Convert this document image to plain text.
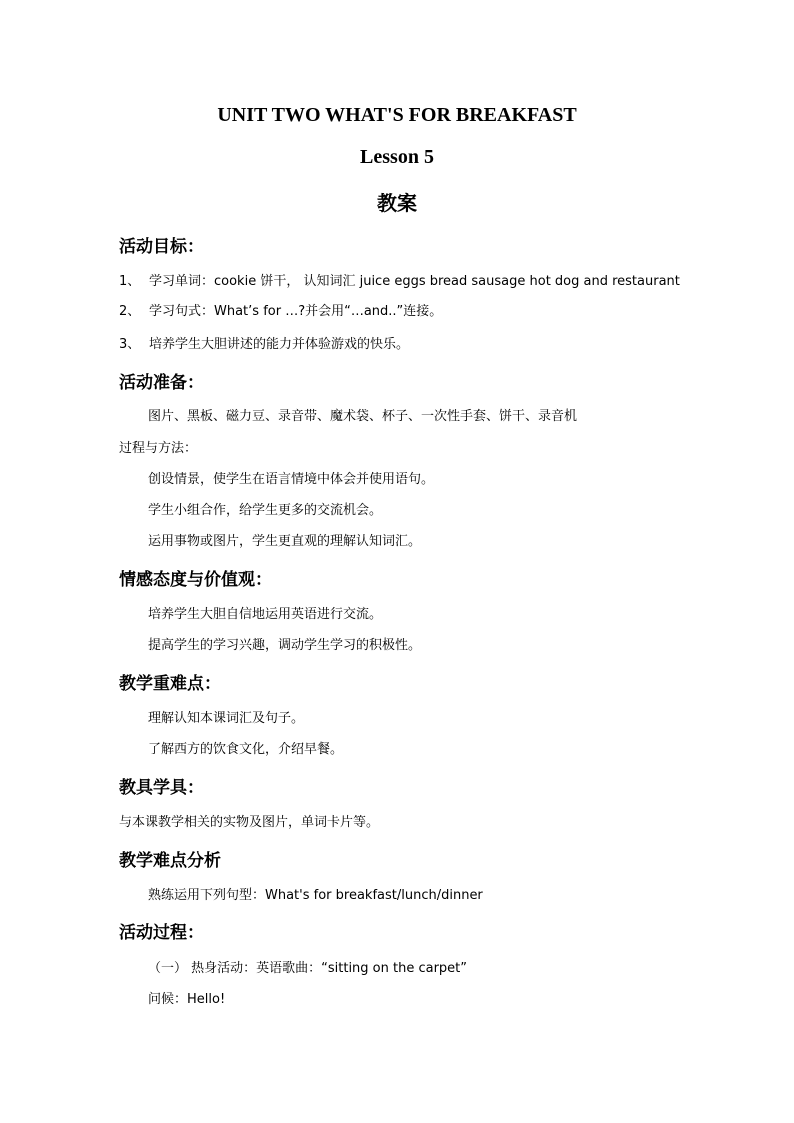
UNIT TWO WHAT'S FOR BREAKFAST
Lesson 5
教案
活动目标：
1、 学习单词：cookie 饼干， 认知词汇 juice eggs bread sausage hot dog and restaurant
2、 学习句式：What’s for …?并会用“…and..”连接。
3、 培养学生大胆讲述的能力并体验游戏的快乐。
活动准备：
图片、黑板、磁力豆、录音带、魔术袋、杯子、一次性手套、饼干、录音机
过程与方法：
创设情景，使学生在语言情境中体会并使用语句。
学生小组合作，给学生更多的交流机会。
运用事物或图片，学生更直观的理解认知词汇。
情感态度与价值观：
培养学生大胆自信地运用英语进行交流。
提高学生的学习兴趣，调动学生学习的积极性。
教学重难点：
理解认知本课词汇及句子。
了解西方的饮食文化，介绍早餐。
教具学具：
与本课教学相关的实物及图片，单词卡片等。
教学难点分析
熟练运用下列句型：What's for breakfast/lunch/dinner
活动过程：
（一） 热身活动：英语歌曲：“sitting on the carpet”
问候：Hello!
